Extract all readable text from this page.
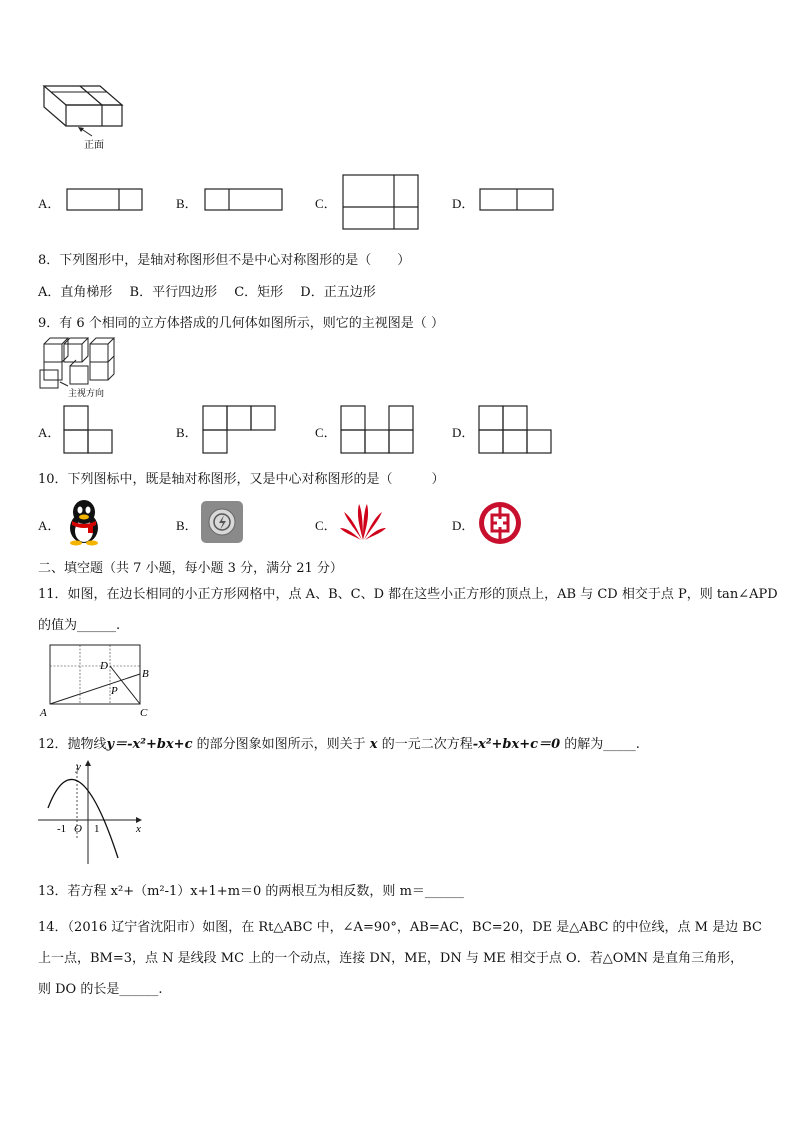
正面
A．	B．	C．	D．
8．下列图形中，是轴对称图形但不是中心对称图形的是（　　）
A．直角梯形　 B．平行四边形　 C．矩形　 D．正五边形
9．有 6 个相同的立方体搭成的几何体如图所示，则它的主视图是（ ）
主视方向
A．	B．	C．	D．
10．下列图标中，既是轴对称图形，又是中心对称图形的是（　　　）
A．	B．	C．	D．
二、填空题（共 7 小题，每小题 3 分，满分 21 分）
11．如图，在边长相同的小正方形网格中，点 A、B、C、D 都在这些小正方形的顶点上，AB 与 CD 相交于点 P，则 tan∠APD
的值为______.
D
B
P
A	C
12．抛物线y＝-x²+bx+c 的部分图象如图所示，则关于 x 的一元二次方程-x²+bx+c＝0 的解为_____.
y
x
-1 O 1
13．若方程 x²+（m²-1）x+1+m＝0 的两根互为相反数，则 m＝______
14．（2016 辽宁省沈阳市）如图，在 Rt△ABC 中，∠A=90°，AB=AC，BC=20，DE 是△ABC 的中位线，点 M 是边 BC
上一点，BM=3，点 N 是线段 MC 上的一个动点，连接 DN，ME，DN 与 ME 相交于点 O．若△OMN 是直角三角形，
则 DO 的长是______.
